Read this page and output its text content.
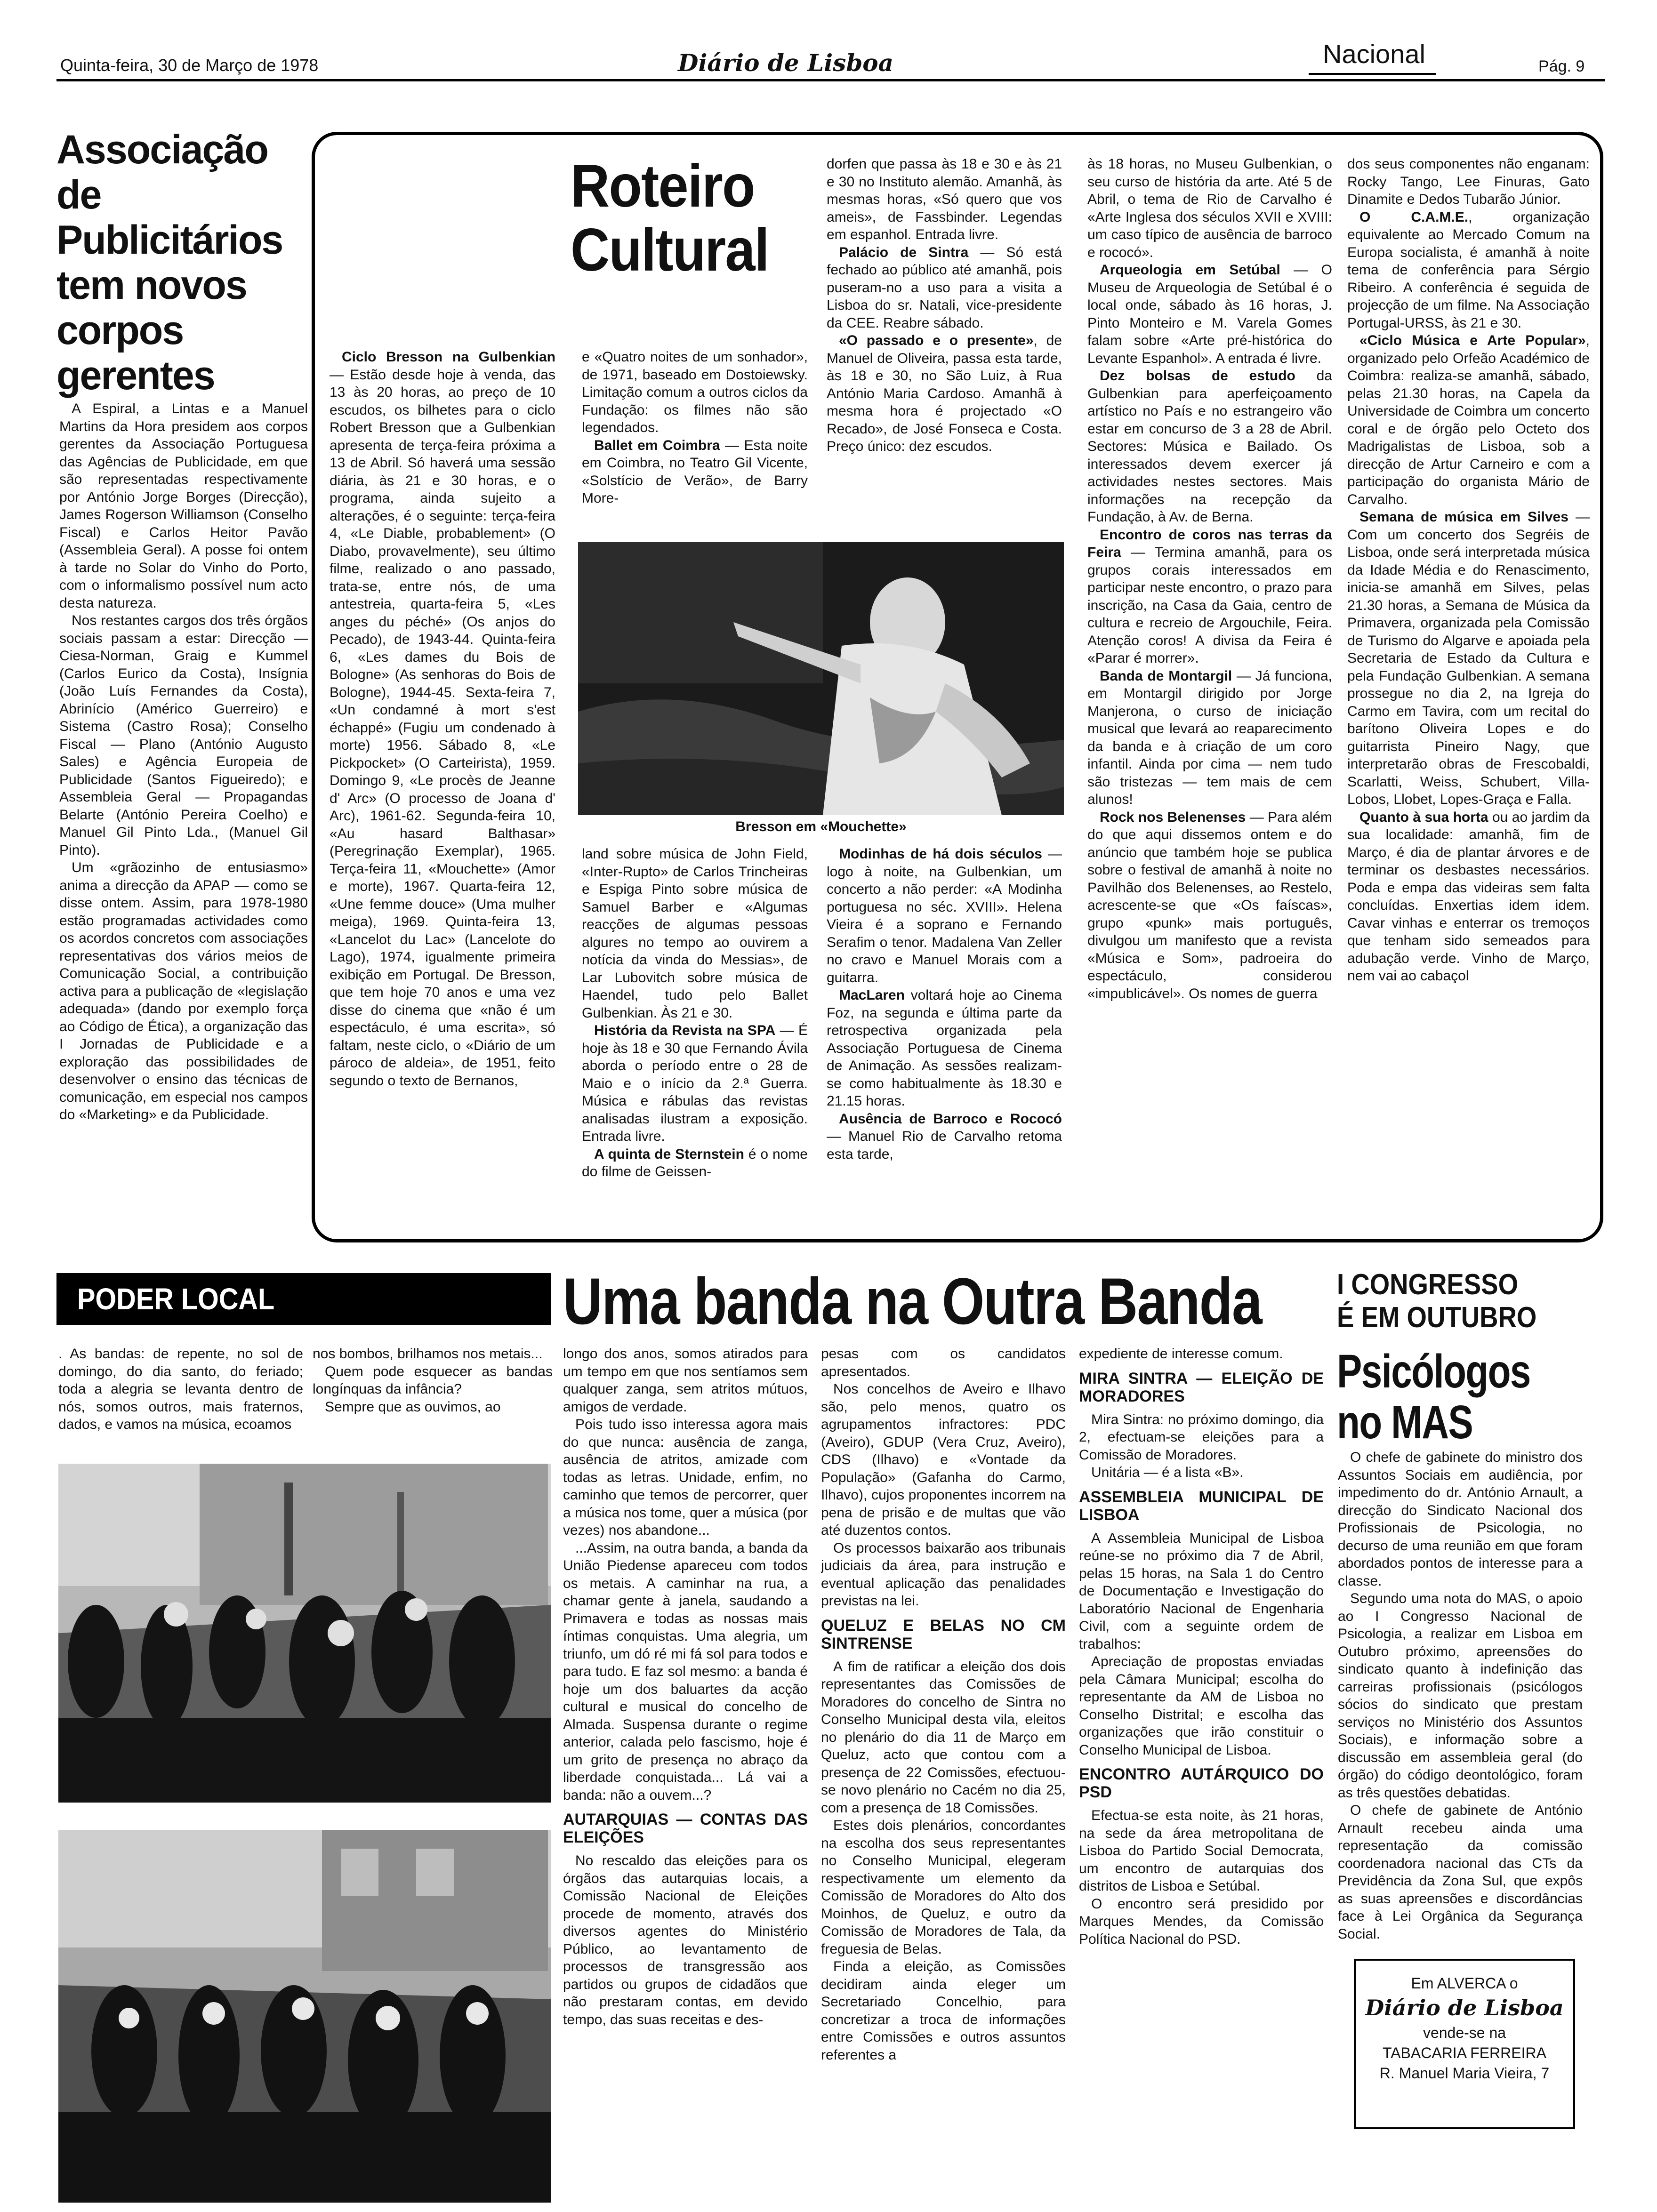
Quinta-feira, 30 de Março de 1978	Diário de Lisboa	Nacional	Pág. 9
Associação de Publicitários tem novos corpos gerentes

A Espiral, a Lintas e a Manuel Martins da Hora presidem aos corpos gerentes da Associação Portuguesa das Agências de Publicidade, em que são representadas respectivamente por António Jorge Borges (Direcção), James Rogerson Williamson (Conselho Fiscal) e Carlos Heitor Pavão (Assembleia Geral). A posse foi ontem à tarde no Solar do Vinho do Porto, com o informalismo possível num acto desta natureza.

Nos restantes cargos dos três órgãos sociais passam a estar: Direcção — Ciesa-Norman, Graig e Kummel (Carlos Eurico da Costa), Insígnia (João Luís Fernandes da Costa), Abrinício (Américo Guerreiro) e Sistema (Castro Rosa); Conselho Fiscal — Plano (António Augusto Sales) e Agência Europeia de Publicidade (Santos Figueiredo); e Assembleia Geral — Propagandas Belarte (António Pereira Coelho) e Manuel Gil Pinto Lda., (Manuel Gil Pinto).

Um «grãozinho de entusiasmo» anima a direcção da APAP — como se disse ontem. Assim, para 1978-1980 estão programadas actividades como os acordos concretos com associações representativas dos vários meios de Comunicação Social, a contribuição activa para a publicação de «legislação adequada» (dando por exemplo força ao Código de Ética), a organização das I Jornadas de Publicidade e a exploração das possibilidades de desenvolver o ensino das técnicas de comunicação, em especial nos campos do «Marketing» e da Publicidade.

Roteiro
Cultural

Ciclo Bresson na Gulbenkian — Estão desde hoje à venda, das 13 às 20 horas, ao preço de 10 escudos, os bilhetes para o ciclo Robert Bresson que a Gulbenkian apresenta de terça-feira próxima a 13 de Abril. Só haverá uma sessão diária, às 21 e 30 horas, e o programa, ainda sujeito a alterações, é o seguinte: terça-feira 4, «Le Diable, probablement» (O Diabo, provavelmente), seu último filme, realizado o ano passado, trata-se, entre nós, de uma antestreia, quarta-feira 5, «Les anges du péché» (Os anjos do Pecado), de 1943-44. Quinta-feira 6, «Les dames du Bois de Bologne» (As senhoras do Bois de Bologne), 1944-45. Sexta-feira 7, «Un condamné à mort s'est échappé» (Fugiu um condenado à morte) 1956. Sábado 8, «Le Pickpocket» (O Carteirista), 1959. Domingo 9, «Le procès de Jeanne d' Arc» (O processo de Joana d' Arc), 1961-62. Segunda-feira 10, «Au hasard Balthasar» (Peregrinação Exemplar), 1965. Terça-feira 11, «Mouchette» (Amor e morte), 1967. Quarta-feira 12, «Une femme douce» (Uma mulher meiga), 1969. Quinta-feira 13, «Lancelot du Lac» (Lancelote do Lago), 1974, igualmente primeira exibição em Portugal. De Bresson, que tem hoje 70 anos e uma vez disse do cinema que «não é um espectáculo, é uma escrita», só faltam, neste ciclo, o «Diário de um pároco de aldeia», de 1951, feito segundo o texto de Bernanos,

e «Quatro noites de um sonhador», de 1971, baseado em Dostoiewsky. Limitação comum a outros ciclos da Fundação: os filmes não são legendados.

Ballet em Coimbra — Esta noite em Coimbra, no Teatro Gil Vicente, «Solstício de Verão», de Barry More-

dorfen que passa às 18 e 30 e às 21 e 30 no Instituto alemão. Amanhã, às mesmas horas, «Só quero que vos ameis», de Fassbinder. Legendas em espanhol. Entrada livre.

Palácio de Sintra — Só está fechado ao público até amanhã, pois puseram-no a uso para a visita a Lisboa do sr. Natali, vice-presidente da CEE. Reabre sábado.

«O passado e o presente», de Manuel de Oliveira, passa esta tarde, às 18 e 30, no São Luiz, à Rua António Maria Cardoso. Amanhã à mesma hora é projectado «O Recado», de José Fonseca e Costa. Preço único: dez escudos.

Bresson em «Mouchette»

land sobre música de John Field, «Inter-Rupto» de Carlos Trincheiras e Espiga Pinto sobre música de Samuel Barber e «Algumas reacções de algumas pessoas algures no tempo ao ouvirem a notícia da vinda do Messias», de Lar Lubovitch sobre música de Haendel, tudo pelo Ballet Gulbenkian. Às 21 e 30.

História da Revista na SPA — É hoje às 18 e 30 que Fernando Ávila aborda o período entre o 28 de Maio e o início da 2.ª Guerra. Música e rábulas das revistas analisadas ilustram a exposição. Entrada livre.

A quinta de Sternstein é o nome do filme de Geissen-

Modinhas de há dois séculos — logo à noite, na Gulbenkian, um concerto a não perder: «A Modinha portuguesa no séc. XVIII». Helena Vieira é a soprano e Fernando Serafim o tenor. Madalena Van Zeller no cravo e Manuel Morais com a guitarra.

MacLaren voltará hoje ao Cinema Foz, na segunda e última parte da retrospectiva organizada pela Associação Portuguesa de Cinema de Animação. As sessões realizam-se como habitualmente às 18.30 e 21.15 horas.

Ausência de Barroco e Rococó — Manuel Rio de Carvalho retoma esta tarde,

às 18 horas, no Museu Gulbenkian, o seu curso de história da arte. Até 5 de Abril, o tema de Rio de Carvalho é «Arte Inglesa dos séculos XVII e XVIII: um caso típico de ausência de barroco e rococó».

Arqueologia em Setúbal — O Museu de Arqueologia de Setúbal é o local onde, sábado às 16 horas, J. Pinto Monteiro e M. Varela Gomes falam sobre «Arte pré-histórica do Levante Espanhol». A entrada é livre.

Dez bolsas de estudo da Gulbenkian para aperfeiçoamento artístico no País e no estrangeiro vão estar em concurso de 3 a 28 de Abril. Sectores: Música e Bailado. Os interessados devem exercer já actividades nestes sectores. Mais informações na recepção da Fundação, à Av. de Berna.

Encontro de coros nas terras da Feira — Termina amanhã, para os grupos corais interessados em participar neste encontro, o prazo para inscrição, na Casa da Gaia, centro de cultura e recreio de Argouchile, Feira. Atenção coros! A divisa da Feira é «Parar é morrer».

Banda de Montargil — Já funciona, em Montargil dirigido por Jorge Manjerona, o curso de iniciação musical que levará ao reaparecimento da banda e à criação de um coro infantil. Ainda por cima — nem tudo são tristezas — tem mais de cem alunos!

Rock nos Belenenses — Para além do que aqui dissemos ontem e do anúncio que também hoje se publica sobre o festival de amanhã à noite no Pavilhão dos Belenenses, ao Restelo, acrescente-se que «Os faíscas», grupo «punk» mais português, divulgou um manifesto que a revista «Música e Som», padroeira do espectáculo, considerou «impublicável». Os nomes de guerra

dos seus componentes não enganam: Rocky Tango, Lee Finuras, Gato Dinamite e Dedos Tubarão Júnior.

O C.A.M.E., organização equivalente ao Mercado Comum na Europa socialista, é amanhã à noite tema de conferência para Sérgio Ribeiro. A conferência é seguida de projecção de um filme. Na Associação Portugal-URSS, às 21 e 30.

«Ciclo Música e Arte Popular», organizado pelo Orfeão Académico de Coimbra: realiza-se amanhã, sábado, pelas 21.30 horas, na Capela da Universidade de Coimbra um concerto coral e de órgão pelo Octeto dos Madrigalistas de Lisboa, sob a direcção de Artur Carneiro e com a participação do organista Mário de Carvalho.

Semana de música em Silves — Com um concerto dos Segréis de Lisboa, onde será interpretada música da Idade Média e do Renascimento, inicia-se amanhã em Silves, pelas 21.30 horas, a Semana de Música da Primavera, organizada pela Comissão de Turismo do Algarve e apoiada pela Secretaria de Estado da Cultura e pela Fundação Gulbenkian. A semana prossegue no dia 2, na Igreja do Carmo em Tavira, com um recital do barítono Oliveira Lopes e do guitarrista Pineiro Nagy, que interpretarão obras de Frescobaldi, Scarlatti, Weiss, Schubert, Villa-Lobos, Llobet, Lopes-Graça e Falla.

Quanto à sua horta ou ao jardim da sua localidade: amanhã, fim de Março, é dia de plantar árvores e de terminar os desbastes necessários. Poda e empa das videiras sem falta concluídas. Enxertias idem idem. Cavar vinhas e enterrar os tremoços que tenham sido semeados para adubação verde. Vinho de Março, nem vai ao cabaçol

PODER LOCAL	Uma banda na Outra Banda

. As bandas: de repente, no sol de domingo, do dia santo, do feriado; toda a alegria se levanta dentro de nós, somos outros, mais fraternos, dados, e vamos na música, ecoamos

nos bombos, brilhamos nos metais...

Quem pode esquecer as bandas longínquas da infância?

Sempre que as ouvimos, ao

longo dos anos, somos atirados para um tempo em que nos sentíamos sem qualquer zanga, sem atritos mútuos, amigos de verdade.

Pois tudo isso interessa agora mais do que nunca: ausência de zanga, ausência de atritos, amizade com todas as letras. Unidade, enfim, no caminho que temos de percorrer, quer a música nos tome, quer a música (por vezes) nos abandone...

...Assim, na outra banda, a banda da União Piedense apareceu com todos os metais. A caminhar na rua, a chamar gente à janela, saudando a Primavera e todas as nossas mais íntimas conquistas. Uma alegria, um triunfo, um dó ré mi fá sol para todos e para tudo. E faz sol mesmo: a banda é hoje um dos baluartes da acção cultural e musical do concelho de Almada. Suspensa durante o regime anterior, calada pelo fascismo, hoje é um grito de presença no abraço da liberdade conquistada... Lá vai a banda: não a ouvem...?

AUTARQUIAS — CONTAS DAS ELEIÇÕES

No rescaldo das eleições para os órgãos das autarquias locais, a Comissão Nacional de Eleições procede de momento, através dos diversos agentes do Ministério Público, ao levantamento de processos de transgressão aos partidos ou grupos de cidadãos que não prestaram contas, em devido tempo, das suas receitas e des-

pesas com os candidatos apresentados.

Nos concelhos de Aveiro e Ilhavo são, pelo menos, quatro os agrupamentos infractores: PDC (Aveiro), GDUP (Vera Cruz, Aveiro), CDS (Ilhavo) e «Vontade da População» (Gafanha do Carmo, Ilhavo), cujos proponentes incorrem na pena de prisão e de multas que vão até duzentos contos.

Os processos baixarão aos tribunais judiciais da área, para instrução e eventual aplicação das penalidades previstas na lei.

QUELUZ E BELAS NO CM SINTRENSE

A fim de ratificar a eleição dos dois representantes das Comissões de Moradores do concelho de Sintra no Conselho Municipal desta vila, eleitos no plenário do dia 11 de Março em Queluz, acto que contou com a presença de 22 Comissões, efectuou-se novo plenário no Cacém no dia 25, com a presença de 18 Comissões.

Estes dois plenários, concordantes na escolha dos seus representantes no Conselho Municipal, elegeram respectivamente um elemento da Comissão de Moradores do Alto dos Moinhos, de Queluz, e outro da Comissão de Moradores de Tala, da freguesia de Belas.

Finda a eleição, as Comissões decidiram ainda eleger um Secretariado Concelhio, para concretizar a troca de informações entre Comissões e outros assuntos referentes a

expediente de interesse comum.

MIRA SINTRA — ELEIÇÃO DE MORADORES

Mira Sintra: no próximo domingo, dia 2, efectuam-se eleições para a Comissão de Moradores.

Unitária — é a lista «B».

ASSEMBLEIA MUNICIPAL DE LISBOA

A Assembleia Municipal de Lisboa reúne-se no próximo dia 7 de Abril, pelas 15 horas, na Sala 1 do Centro de Documentação e Investigação do Laboratório Nacional de Engenharia Civil, com a seguinte ordem de trabalhos:

Apreciação de propostas enviadas pela Câmara Municipal; escolha do representante da AM de Lisboa no Conselho Distrital; e escolha das organizações que irão constituir o Conselho Municipal de Lisboa.

ENCONTRO AUTÁRQUICO DO PSD

Efectua-se esta noite, às 21 horas, na sede da área metropolitana de Lisboa do Partido Social Democrata, um encontro de autarquias dos distritos de Lisboa e Setúbal.

O encontro será presidido por Marques Mendes, da Comissão Política Nacional do PSD.

I CONGRESSO
É EM OUTUBRO
Psicólogos
no MAS

O chefe de gabinete do ministro dos Assuntos Sociais em audiência, por impedimento do dr. António Arnault, a direcção do Sindicato Nacional dos Profissionais de Psicologia, no decurso de uma reunião em que foram abordados pontos de interesse para a classe.

Segundo uma nota do MAS, o apoio ao I Congresso Nacional de Psicologia, a realizar em Lisboa em Outubro próximo, apreensões do sindicato quanto à indefinição das carreiras profissionais (psicólogos sócios do sindicato que prestam serviços no Ministério dos Assuntos Sociais), e informação sobre a discussão em assembleia geral (do órgão) do código deontológico, foram as três questões debatidas.

O chefe de gabinete de António Arnault recebeu ainda uma representação da comissão coordenadora nacional das CTs da Previdência da Zona Sul, que expôs as suas apreensões e discordâncias face à Lei Orgânica da Segurança Social.

Em ALVERCA o
Diário de Lisboa
vende-se na
TABACARIA FERREIRA
R. Manuel Maria Vieira, 7
